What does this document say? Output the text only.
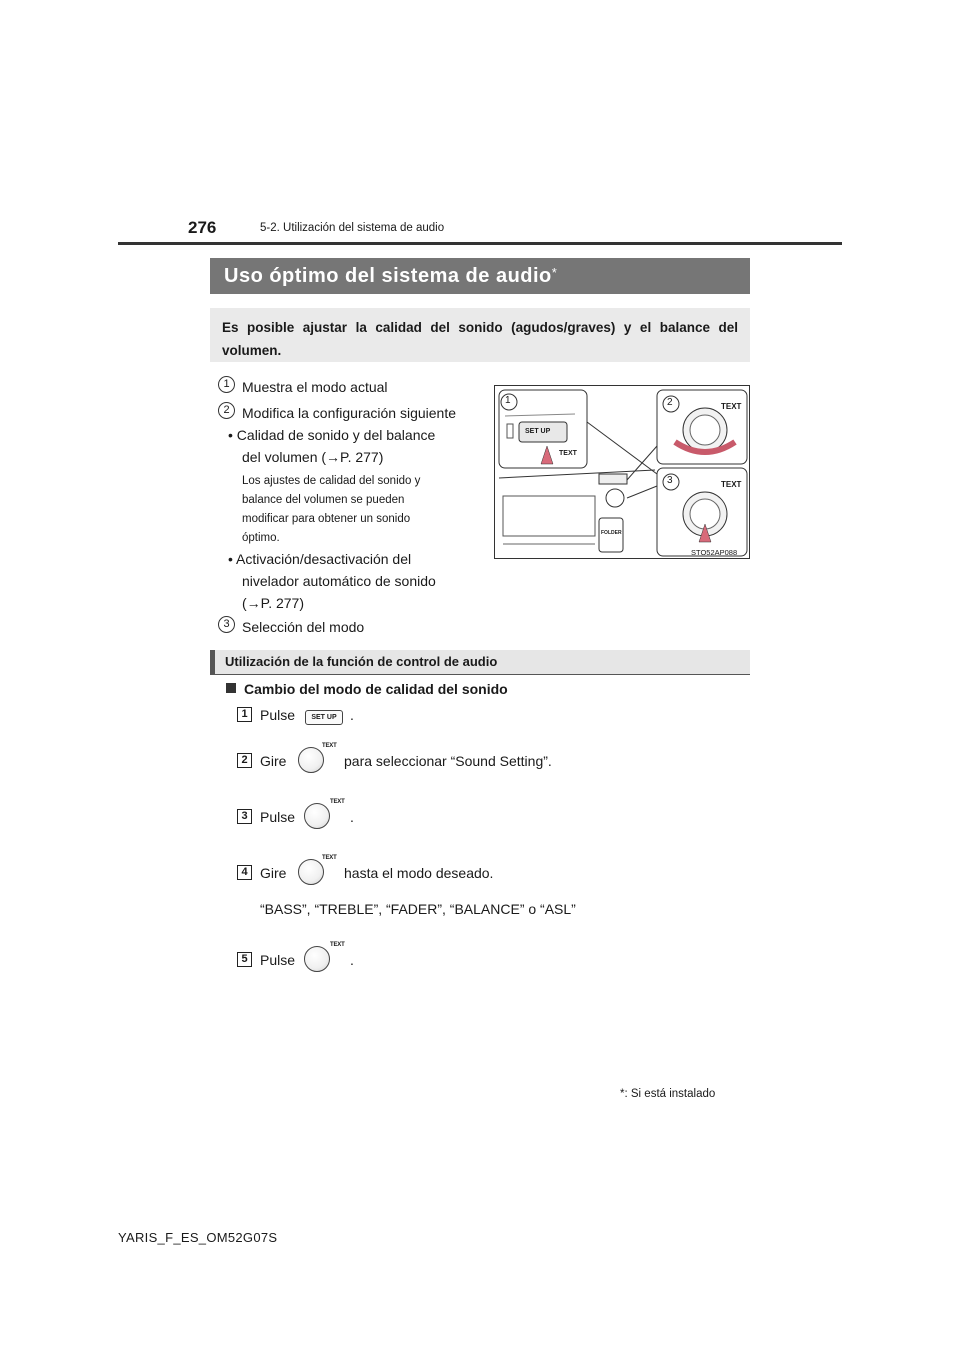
276	5-2. Utilización del sistema de audio
Uso óptimo del sistema de audio*
Es posible ajustar la calidad del sonido (agudos/graves) y el balance del volumen.
1 Muestra el modo actual
2 Modifica la configuración siguiente
• Calidad de sonido y del balance
del volumen (→P. 277)
Los ajustes de calidad del sonido y
balance del volumen se pueden
modificar para obtener un sonido
óptimo.
• Activación/desactivación del
nivelador automático de sonido
(→P. 277)
3 Selección del modo
1	2
3
SET UP
TEXT
TEXT
TEXT
FOLDER
STO52AP088
Utilización de la función de control de audio
Cambio del modo de calidad del sonido
1 Pulse	SET UP .
2 Gire
TEXT
para seleccionar “Sound Setting”.
3 Pulse
TEXT
.
4 Gire
TEXT
hasta el modo deseado.
“BASS”, “TREBLE”, “FADER”, “BALANCE” o “ASL”
5 Pulse
TEXT
.
*: Si está instalado
YARIS_F_ES_OM52G07S
